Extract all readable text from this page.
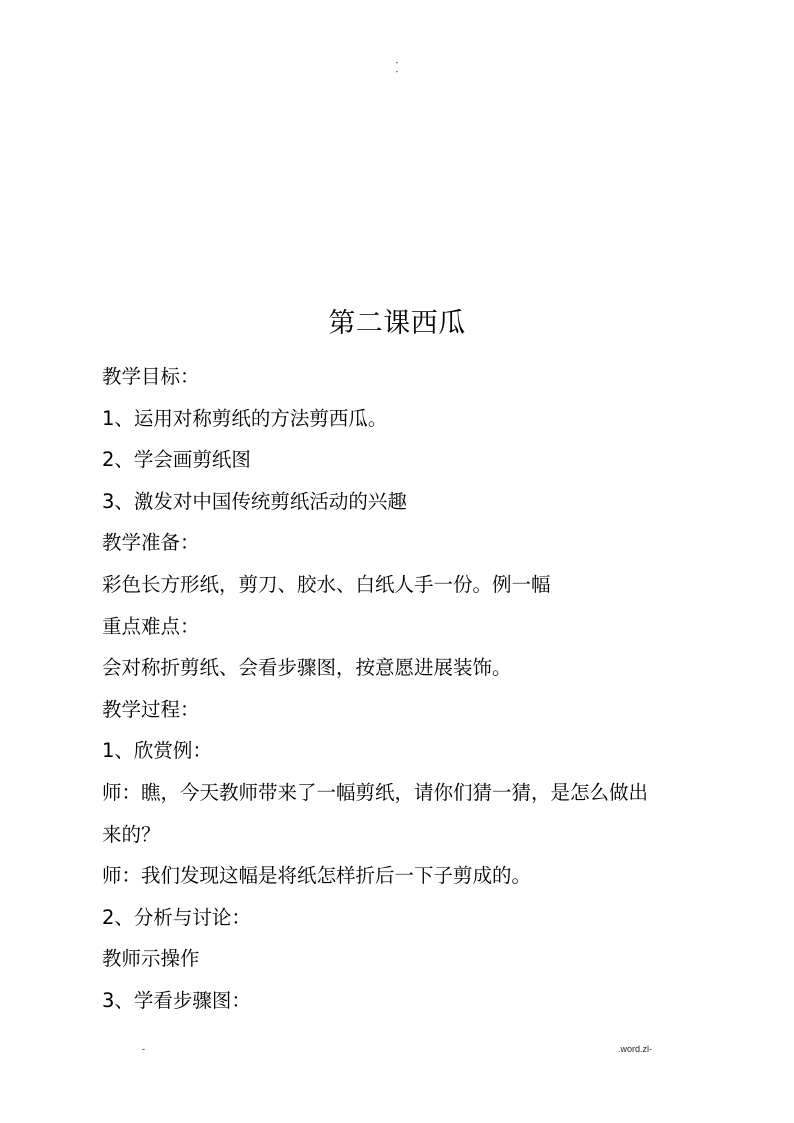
-
-
第二课西瓜
教学目标：
1、运用对称剪纸的方法剪西瓜。
2、学会画剪纸图
3、激发对中国传统剪纸活动的兴趣
教学准备：
彩色长方形纸，剪刀、胶水、白纸人手一份。例一幅
重点难点：
会对称折剪纸、会看步骤图，按意愿进展装饰。
教学过程：
1、欣赏例：
师：瞧，今天教师带来了一幅剪纸，请你们猜一猜，是怎么做出
来的？
师：我们发现这幅是将纸怎样折后一下子剪成的。
2、分析与讨论：
教师示操作
3、学看步骤图：
-	.word.zl-
